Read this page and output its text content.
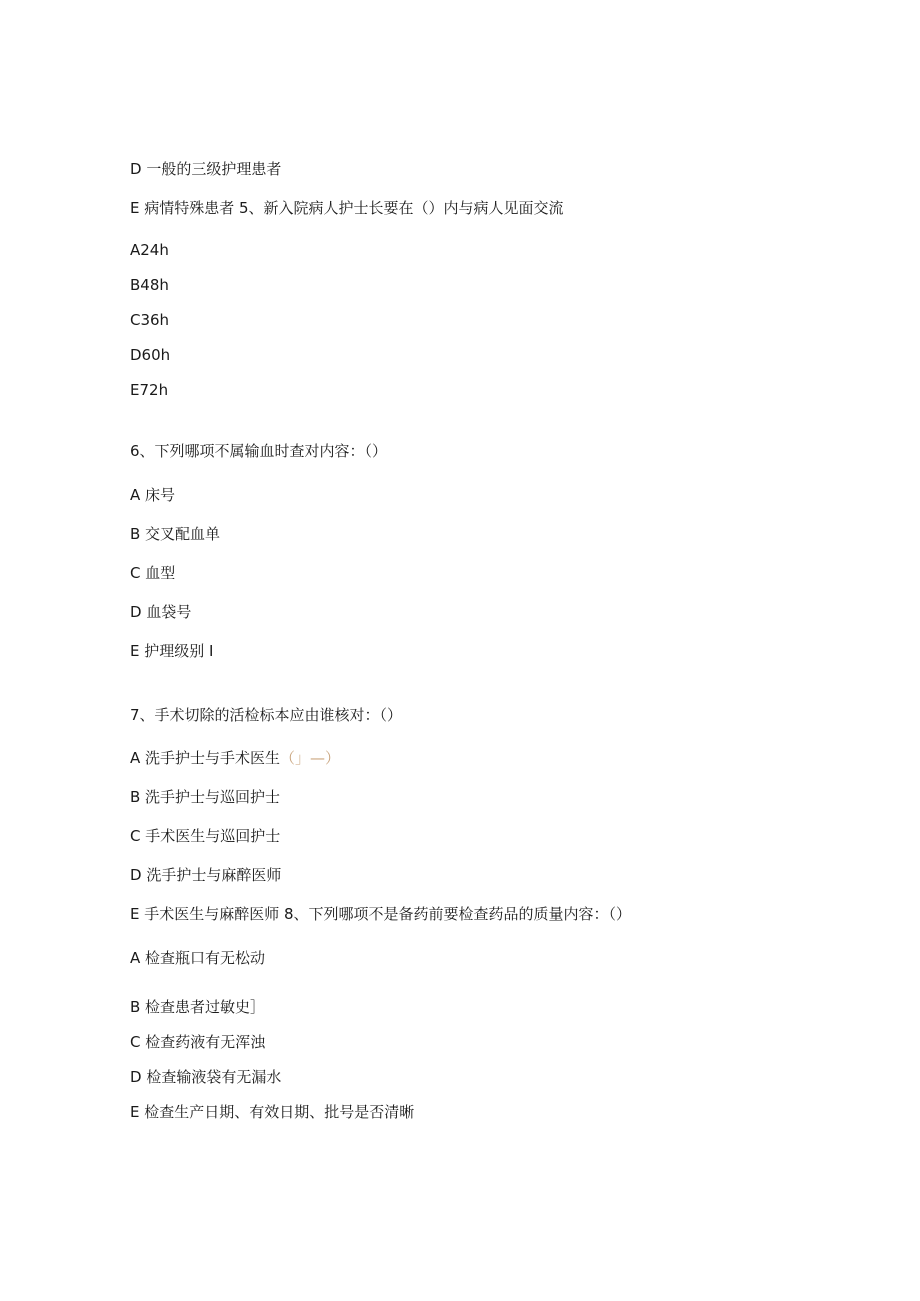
D 一般的三级护理患者
E 病情特殊患者 5、新入院病人护士长要在（）内与病人见面交流
A24h
B48h
C36h
D60h
E72h
6、下列哪项不属输血时查对内容：（）
A 床号
B 交叉配血单
C 血型
D 血袋号
E 护理级别 I
7、手术切除的活检标本应由谁核对：（）
A 洗手护士与手术医生（」—）
B 洗手护士与巡回护士
C 手术医生与巡回护士
D 洗手护士与麻醉医师
E 手术医生与麻醉医师 8、下列哪项不是备药前要检查药品的质量内容：（）
A 检查瓶口有无松动
B 检查患者过敏史］
C 检查药液有无浑浊
D 检查输液袋有无漏水
E 检查生产日期、有效日期、批号是否清晰
